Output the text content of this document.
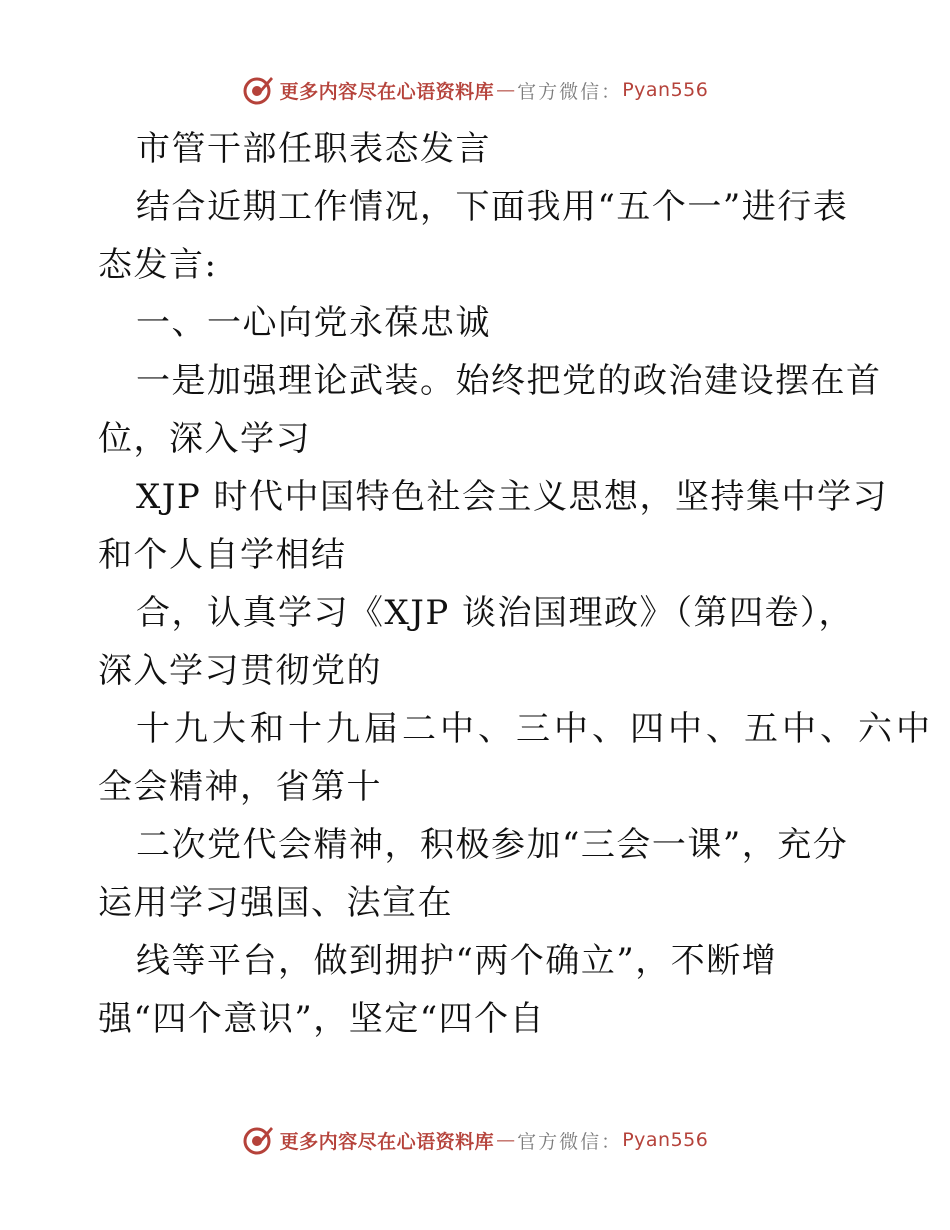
更多内容尽在心语资料库 — 官方微信： Pyan556
市管干部任职表态发言
结合近期工作情况，下面我用“五个一”进行表
态发言:
一、一心向党永葆忠诚
一是加强理论武装。始终把党的政治建设摆在首
位，深入学习
XJP 时代中国特色社会主义思想，坚持集中学习
和个人自学相结
合，认真学习《XJP 谈治国理政》（第四卷），
深入学习贯彻党的
十九大和十九届二中、三中、四中、五中、六中
全会精神，省第十
二次党代会精神，积极参加“三会一课”，充分
运用学习强国、法宣在
线等平台，做到拥护“两个确立”，不断增
强“四个意识”，坚定“四个自
更多内容尽在心语资料库 — 官方微信： Pyan556
